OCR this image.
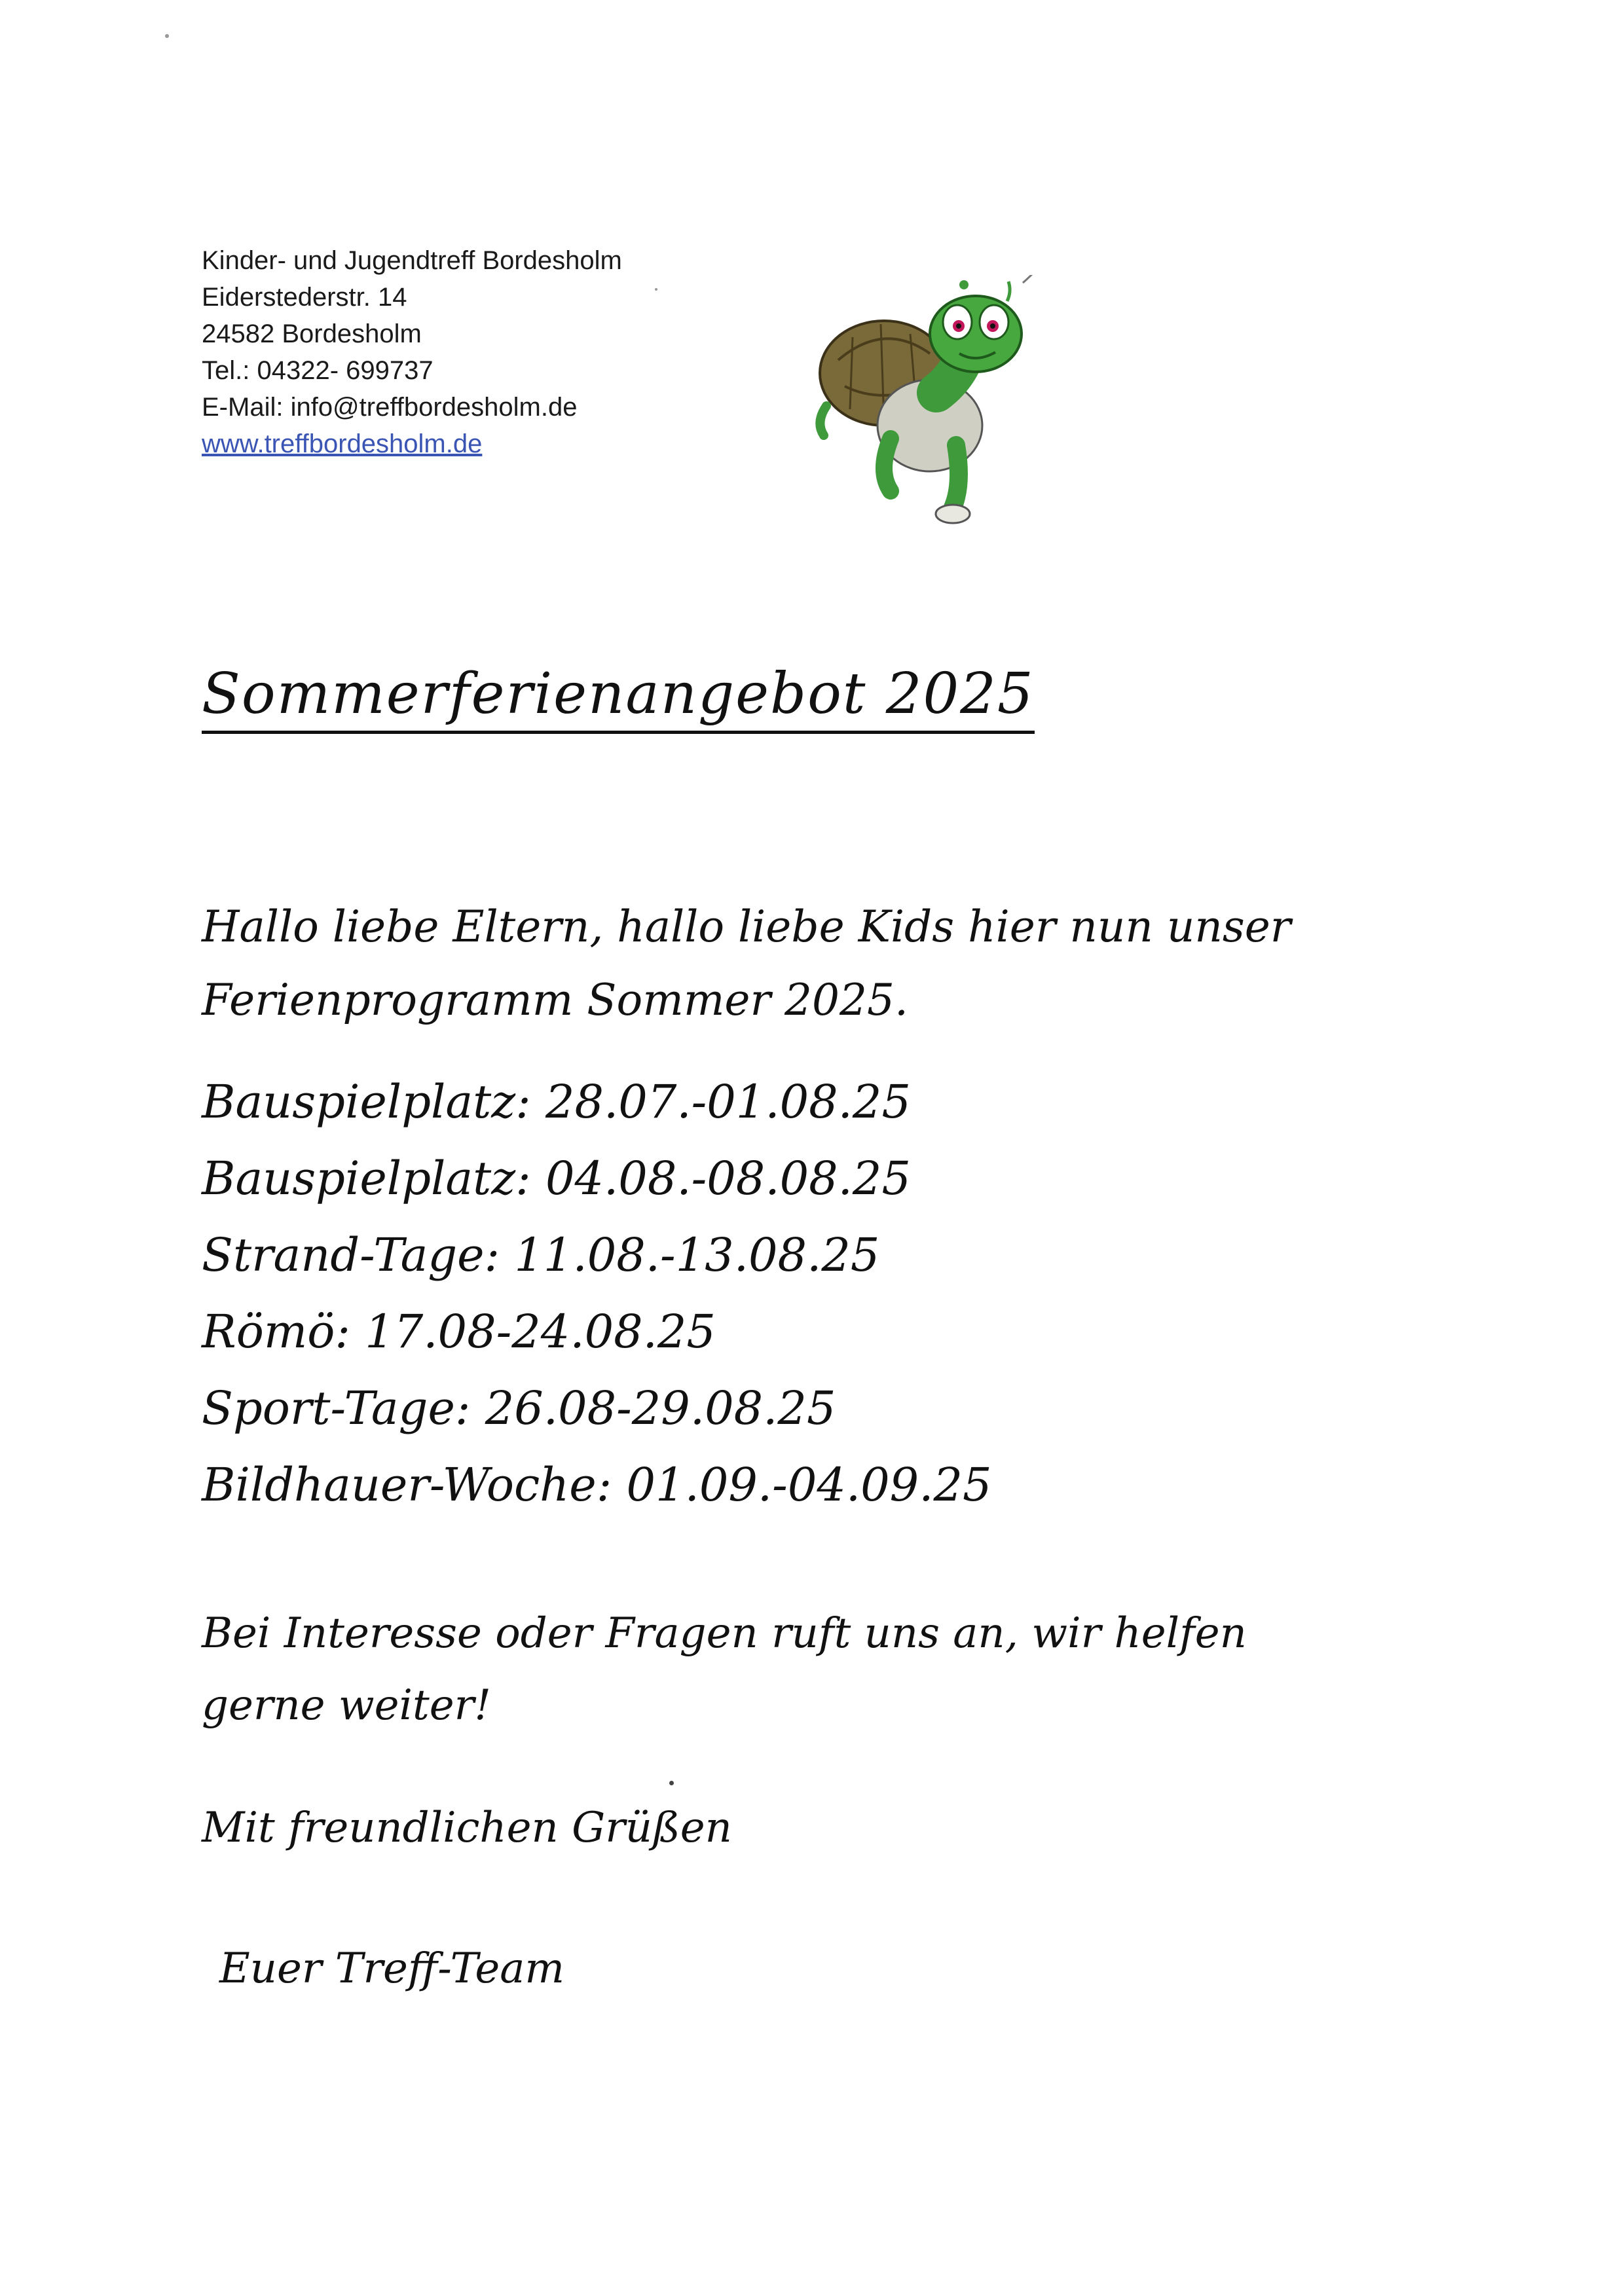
Kinder- und Jugendtreff Bordesholm
Eiderstederstr. 14
24582 Bordesholm
Tel.: 04322- 699737
E-Mail: info@treffbordesholm.de
www.treffbordesholm.de
Sommerferienangebot 2025
Hallo liebe Eltern, hallo liebe Kids hier nun unser
Ferienprogramm Sommer 2025.
Bauspielplatz: 28.07.-01.08.25
Bauspielplatz: 04.08.-08.08.25
Strand-Tage: 11.08.-13.08.25
Römö: 17.08-24.08.25
Sport-Tage: 26.08-29.08.25
Bildhauer-Woche: 01.09.-04.09.25
Bei Interesse oder Fragen ruft uns an, wir helfen
gerne weiter!
Mit freundlichen Grüßen
Euer Treff-Team
